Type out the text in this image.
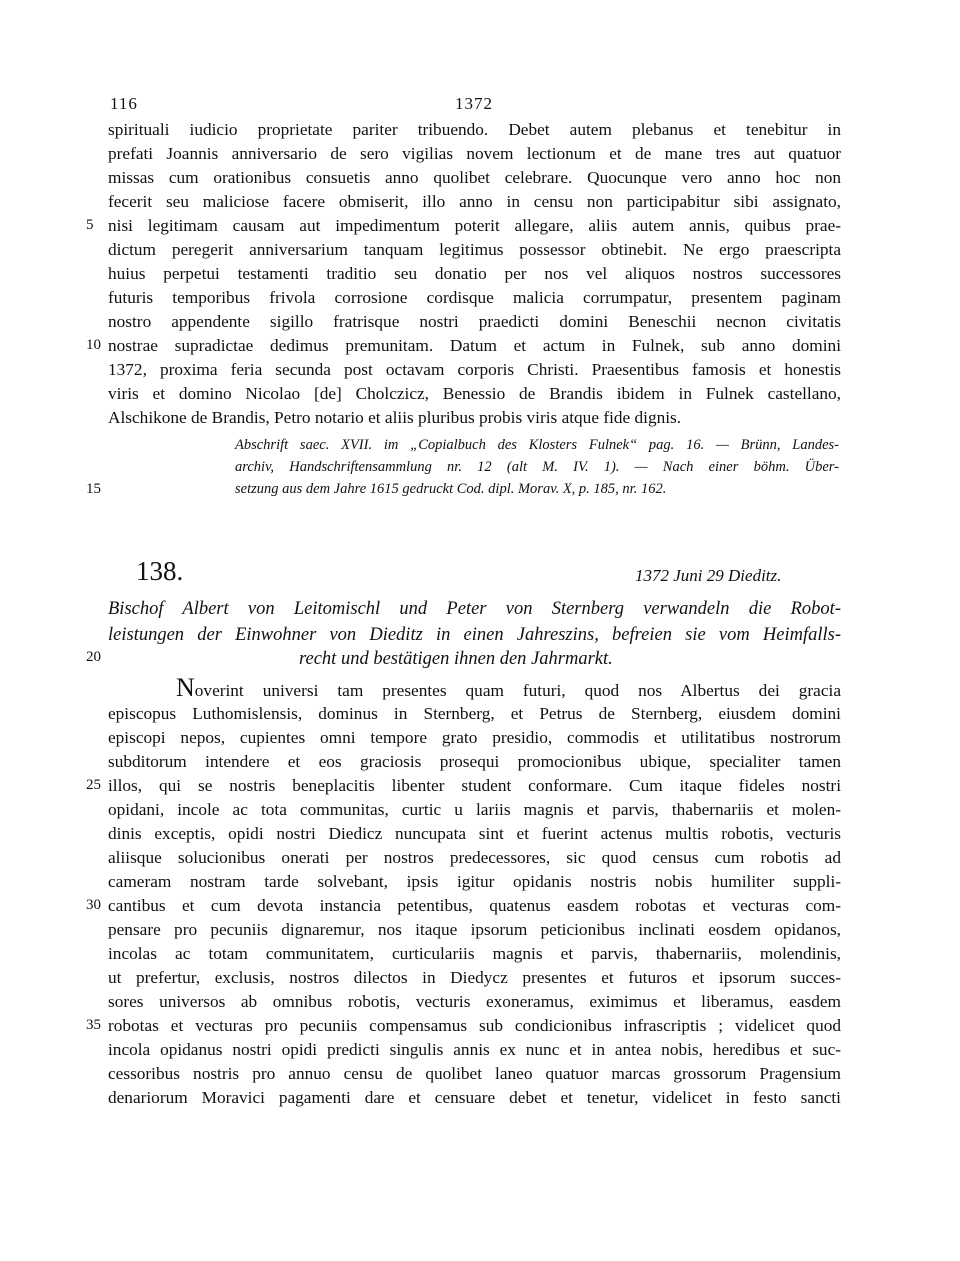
116	1372
spirituali iudicio proprietate pariter tribuendo. Debet autem plebanus et tenebitur in
prefati Joannis anniversario de sero vigilias novem lectionum et de mane tres aut quatuor
missas cum orationibus consuetis anno quolibet celebrare. Quocunque vero anno hoc non
fecerit seu maliciose facere obmiserit, illo anno in censu non participabitur sibi assignato,
nisi legitimam causam aut impedimentum poterit allegare, aliis autem annis, quibus prae-
dictum peregerit anniversarium tanquam legitimus possessor obtinebit. Ne ergo praescripta
huius perpetui testamenti traditio seu donatio per nos vel aliquos nostros successores
futuris temporibus frivola corrosione cordisque malicia corrumpatur, presentem paginam
nostro appendente sigillo fratrisque nostri praedicti domini Beneschii necnon civitatis
nostrae supradictae dedimus premunitam. Datum et actum in Fulnek, sub anno domini
1372, proxima feria secunda post octavam corporis Christi. Praesentibus famosis et honestis
viris et domino Nicolao [de] Cholczicz, Benessio de Brandis ibidem in Fulnek castellano,
Alschikone de Brandis, Petro notario et aliis pluribus probis viris atque fide dignis.
Abschrift saec. XVII. im „Copialbuch des Klosters Fulnek“ pag. 16. — Brünn, Landes-
archiv, Handschriftensammlung nr. 12 (alt M. IV. 1). — Nach einer böhm. Über-
setzung aus dem Jahre 1615 gedruckt Cod. dipl. Morav. X, p. 185, nr. 162.
138.	1372 Juni 29 Dieditz.
Bischof Albert von Leitomischl und Peter von Sternberg verwandeln die Robot-
leistungen der Einwohner von Dieditz in einen Jahreszins, befreien sie vom Heimfalls-
recht und bestätigen ihnen den Jahrmarkt.
Noverint universi tam presentes quam futuri, quod nos Albertus dei gracia
episcopus Luthomislensis, dominus in Sternberg, et Petrus de Sternberg, eiusdem domini
episcopi nepos, cupientes omni tempore grato presidio, commodis et utilitatibus nostrorum
subditorum intendere et eos graciosis prosequi promocionibus ubique, specialiter tamen
illos, qui se nostris beneplacitis libenter student conformare. Cum itaque fideles nostri
opidani, incole ac tota communitas, curtic u lariis magnis et parvis, thabernariis et molen-
dinis exceptis, opidi nostri Diedicz nuncupata sint et fuerint actenus multis robotis, vecturis
aliisque solucionibus onerati per nostros predecessores, sic quod census cum robotis ad
cameram nostram tarde solvebant, ipsis igitur opidanis nostris nobis humiliter suppli-
cantibus et cum devota instancia petentibus, quatenus easdem robotas et vecturas com-
pensare pro pecuniis dignaremur, nos itaque ipsorum peticionibus inclinati eosdem opidanos,
incolas ac totam communitatem, curticulariis magnis et parvis, thabernariis, molendinis,
ut prefertur, exclusis, nostros dilectos in Diedycz presentes et futuros et ipsorum succes-
sores universos ab omnibus robotis, vecturis exoneramus, eximimus et liberamus, easdem
robotas et vecturas pro pecuniis compensamus sub condicionibus infrascriptis ; videlicet quod
incola opidanus nostri opidi predicti singulis annis ex nunc et in antea nobis, heredibus et suc-
cessoribus nostris pro annuo censu de quolibet laneo quatuor marcas grossorum Pragensium
denariorum Moravici pagamenti dare et censuare debet et tenetur, videlicet in festo sancti
5
10
15
20
25
30
35
